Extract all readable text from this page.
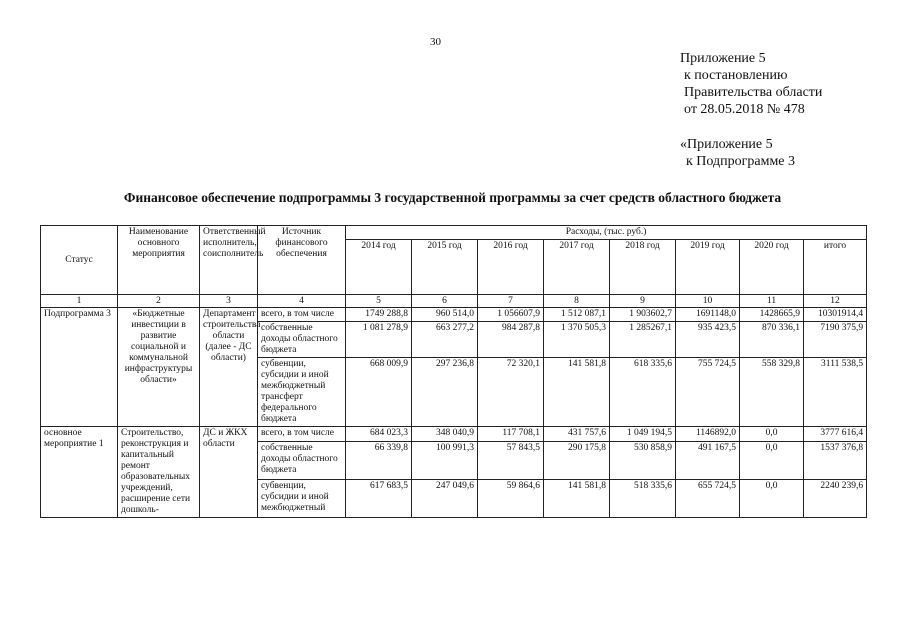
30
Приложение 5
к постановлению
Правительства области
от 28.05.2018 № 478
«Приложение 5
к Подпрограмме 3
Финансовое обеспечение подпрограммы 3 государственной программы за счет средств областного бюджета
Статус	Наименование основного мероприятия	Ответственный исполнитель, соисполнитель	Источник финансового обеспечения	Расходы, (тыс. руб.)							
				2014 год	2015 год	2016 год	2017 год	2018 год	2019 год	2020 год	итого
1	2	3	4	5	6	7	8	9	10	11	12
Подпрограмма 3	«Бюджетные инвестиции в развитие социальной и коммунальной инфраструктуры области»	Департамент строительства области (далее - ДС области)	всего, в том числе	1749 288,8	960 514,0	1 056607,9	1 512 087,1	1 903602,7	1691148,0	1428665,9	10301914,4
			собственные доходы областного бюджета	1 081 278,9	663 277,2	984 287,8	1 370 505,3	1 285267,1	935 423,5	870 336,1	7190 375,9
			субвенции, субсидии и иной межбюджетный трансферт федерального бюджета	668 009,9	297 236,8	72 320,1	141 581,8	618 335,6	755 724,5	558 329,8	3111 538,5
основное мероприятие 1	Строительство, реконструкция и капитальный ремонт образовательных учреждений, расширение сети дошколь-	ДС и ЖКХ области	всего, в том числе	684 023,3	348 040,9	117 708,1	431 757,6	1 049 194,5	1146892,0	0,0	3777 616,4
			собственные доходы областного бюджета	66 339,8	100 991,3	57 843,5	290 175,8	530 858,9	491 167,5	0,0	1537 376,8
			субвенции, субсидии и иной межбюджетный	617 683,5	247 049,6	59 864,6	141 581,8	518 335,6	655 724,5	0,0	2240 239,6
